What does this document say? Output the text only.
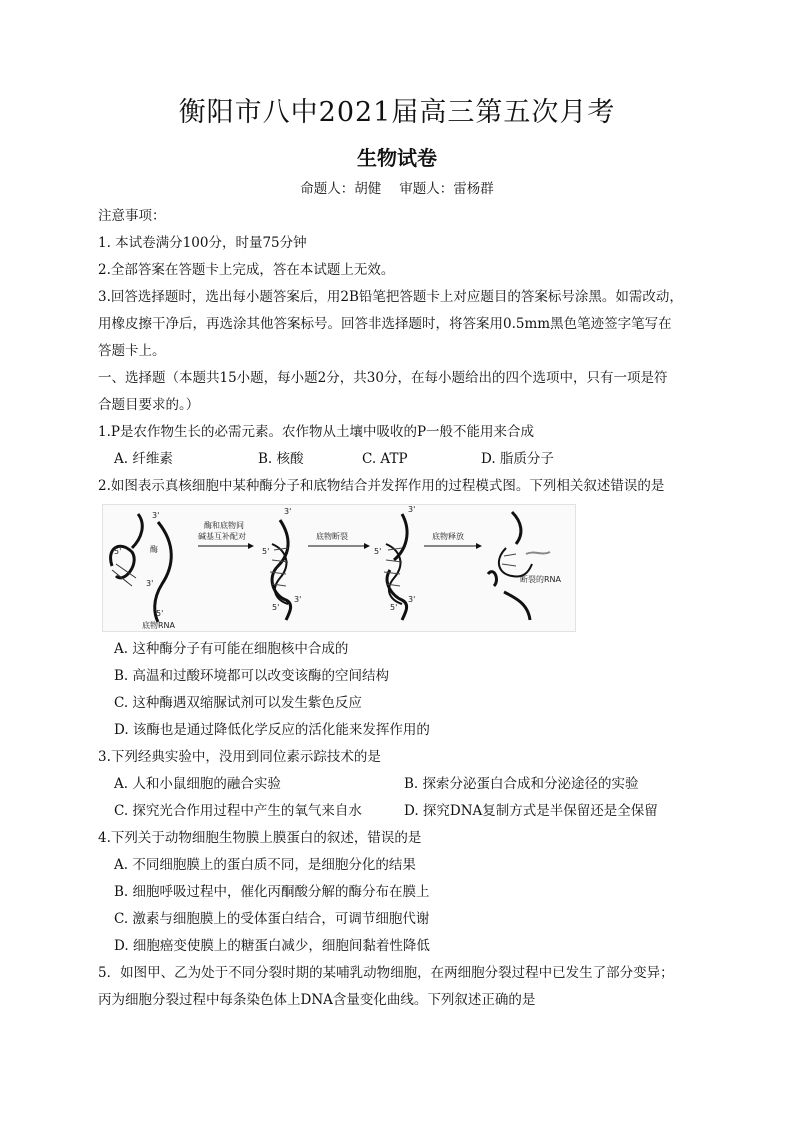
衡阳市八中2021届高三第五次月考
生物试卷
命题人：胡健 审题人：雷杨群
注意事项：
1. 本试卷满分100分，时量75分钟
2.全部答案在答题卡上完成，答在本试题上无效。
3.回答选择题时，选出每小题答案后，用2B铅笔把答题卡上对应题目的答案标号涂黑。如需改动，
用橡皮擦干净后，再选涂其他答案标号。回答非选择题时，将答案用0.5mm黑色笔迹签字笔写在
答题卡上。
一、选择题（本题共15小题，每小题2分，共30分，在每小题给出的四个选项中，只有一项是符
合题目要求的。）
1.P是农作物生长的必需元素。农作物从土壤中吸收的P一般不能用来合成
A. 纤维素	B. 核酸	C. ATP	D. 脂质分子
2.如图表示真核细胞中某种酶分子和底物结合并发挥作用的过程模式图。下列相关叙述错误的是
酶
5'
3'
3'
5'
底物RNA
酶和底物间
碱基互补配对
3'
5'
5'
3'
底物断裂
3'
5'
5'
3'
底物释放
断裂的RNA
A. 这种酶分子有可能在细胞核中合成的
B. 高温和过酸环境都可以改变该酶的空间结构
C. 这种酶遇双缩脲试剂可以发生紫色反应
D. 该酶也是通过降低化学反应的活化能来发挥作用的
3.下列经典实验中，没用到同位素示踪技术的是
A. 人和小鼠细胞的融合实验	B. 探索分泌蛋白合成和分泌途径的实验
C. 探究光合作用过程中产生的氧气来自水	D. 探究DNA复制方式是半保留还是全保留
4.下列关于动物细胞生物膜上膜蛋白的叙述，错误的是
A. 不同细胞膜上的蛋白质不同，是细胞分化的结果
B. 细胞呼吸过程中，催化丙酮酸分解的酶分布在膜上
C. 激素与细胞膜上的受体蛋白结合，可调节细胞代谢
D. 细胞癌变使膜上的糖蛋白减少，细胞间黏着性降低
5．如图甲、乙为处于不同分裂时期的某哺乳动物细胞，在两细胞分裂过程中已发生了部分变异；
丙为细胞分裂过程中每条染色体上DNA含量变化曲线。下列叙述正确的是
